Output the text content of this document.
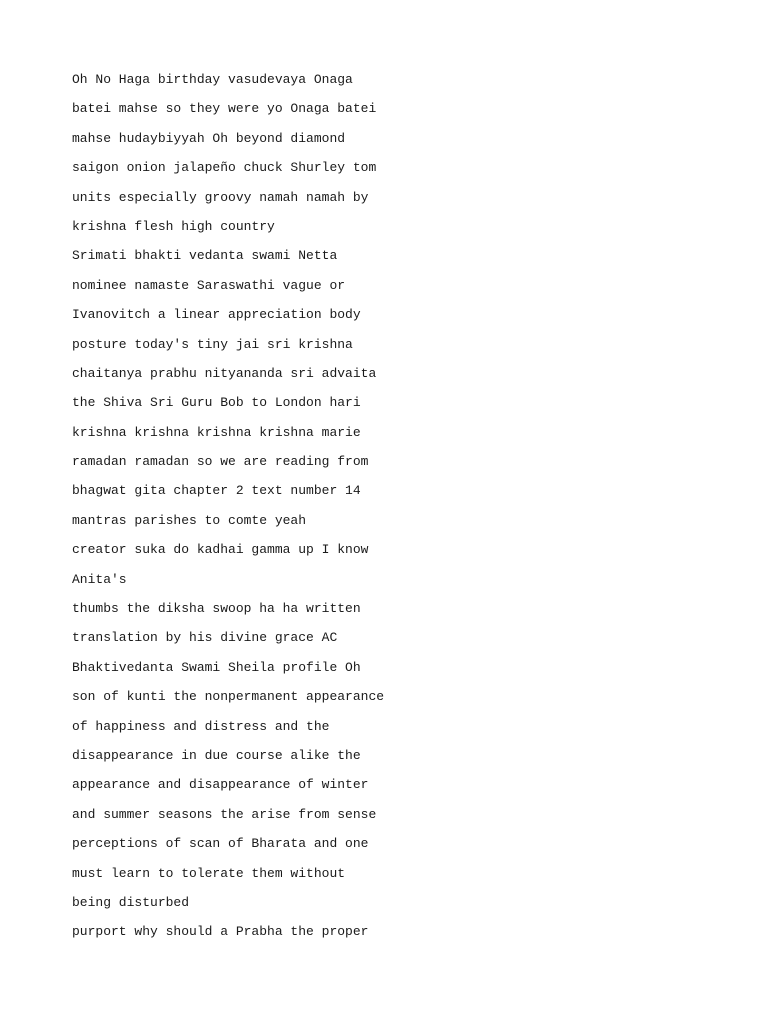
Oh No Haga birthday vasudevaya Onaga
batei mahse so they were yo Onaga batei
mahse hudaybiyyah Oh beyond diamond
saigon onion jalapeño chuck Shurley tom
units especially groovy namah namah by
krishna flesh high country
Srimati bhakti vedanta swami Netta
nominee namaste Saraswathi vague or
Ivanovitch a linear appreciation body
posture today's tiny jai sri krishna
chaitanya prabhu nityananda sri advaita
the Shiva Sri Guru Bob to London hari
krishna krishna krishna krishna marie
ramadan ramadan so we are reading from
bhagwat gita chapter 2 text number 14
mantras parishes to comte yeah
creator suka do kadhai gamma up I know
Anita's
thumbs the diksha swoop ha ha written
translation by his divine grace AC
Bhaktivedanta Swami Sheila profile Oh
son of kunti the nonpermanent appearance
of happiness and distress and the
disappearance in due course alike the
appearance and disappearance of winter
and summer seasons the arise from sense
perceptions of scan of Bharata and one
must learn to tolerate them without
being disturbed
purport why should a Prabha the proper
